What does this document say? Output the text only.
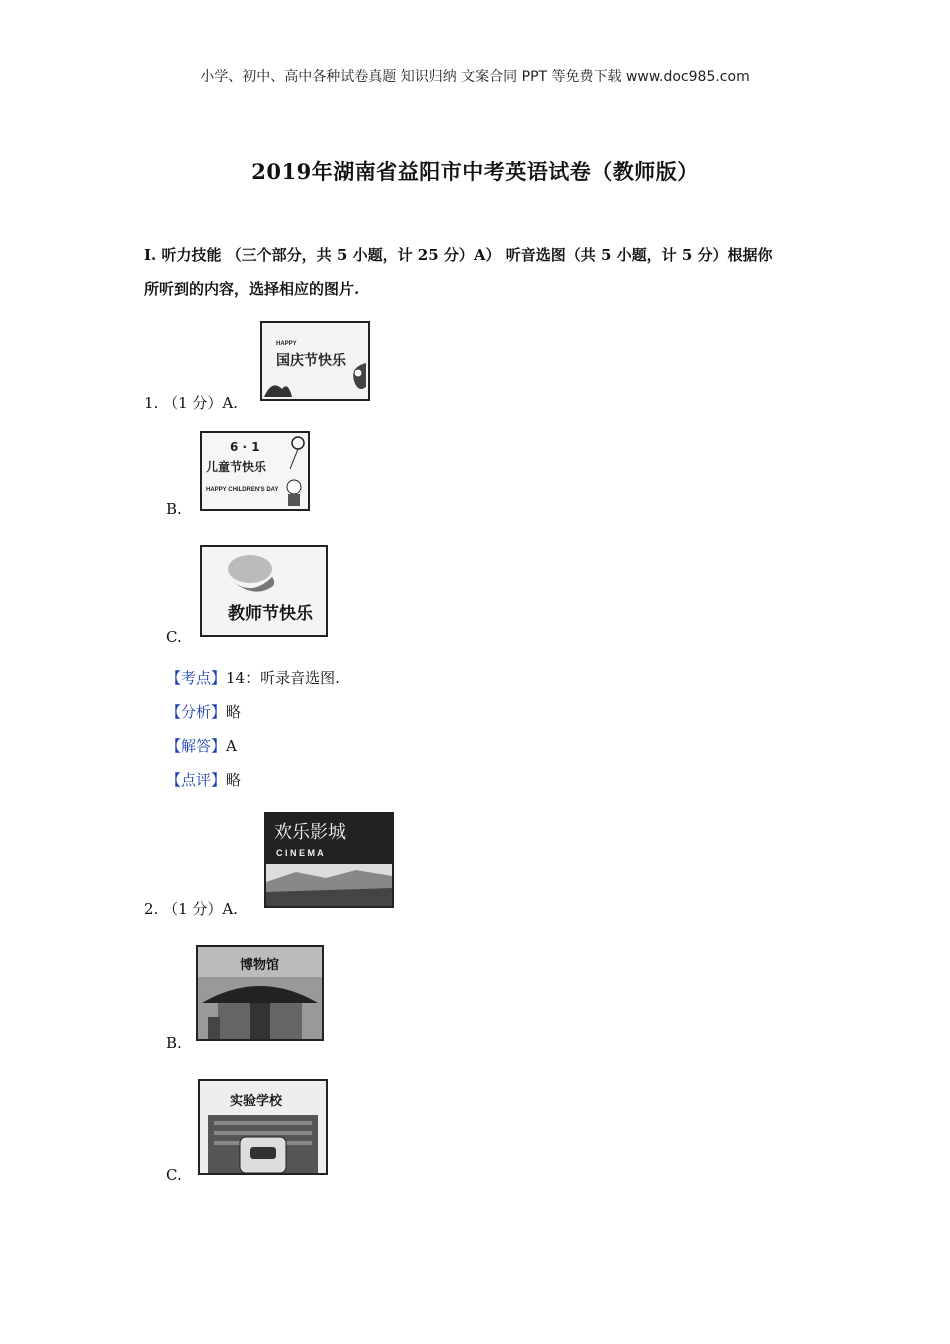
小学、初中、高中各种试卷真题 知识归纳 文案合同 PPT 等免费下载 www.doc985.com
2019年湖南省益阳市中考英语试卷（教师版）
I. 听力技能 （三个部分，共 5 小题，计 25 分）A） 听音选图（共 5 小题，计 5 分）根据你
所听到的内容，选择相应的图片.
1. （1 分）A.
HAPPY
国庆节快乐
B.
6 · 1
儿童节快乐
HAPPY CHILDREN'S DAY
C.
教师节快乐
【考点】14：听录音选图.
【分析】略
【解答】A
【点评】略
2. （1 分）A.
欢乐影城
C I N E M A
B.
博物馆
C.
实验学校
